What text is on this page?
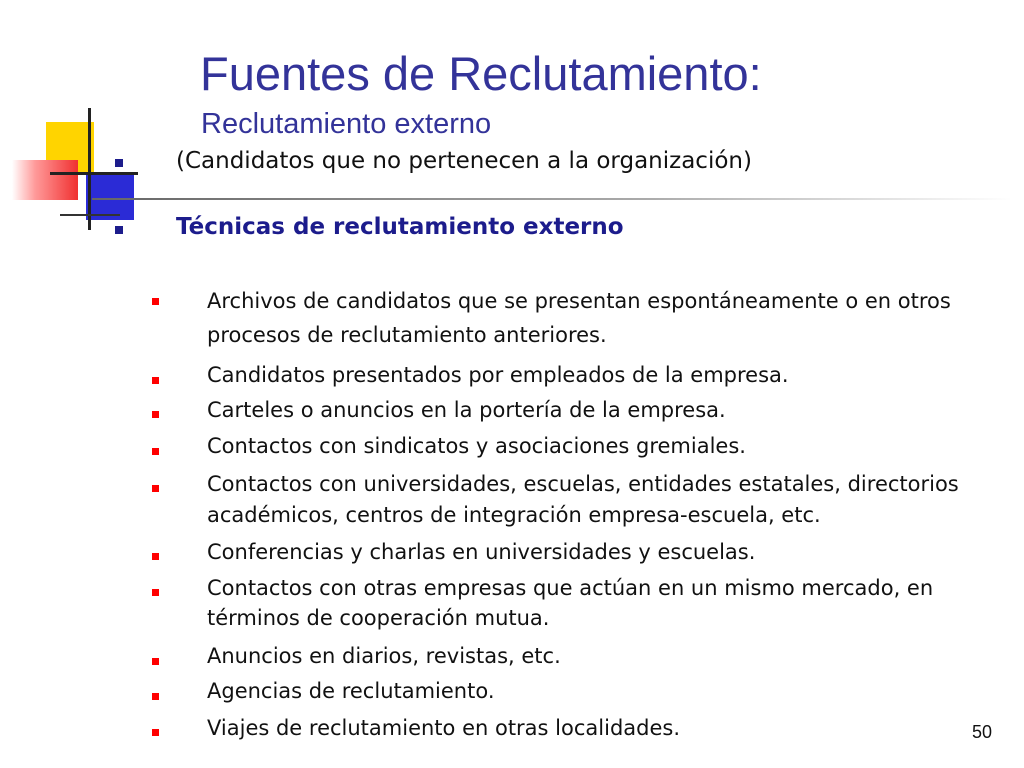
Fuentes de Reclutamiento:
Reclutamiento externo
(Candidatos que no pertenecen a la organización)
Técnicas de reclutamiento externo
Archivos de candidatos que se presentan espontáneamente o en otros
procesos de reclutamiento anteriores.
Candidatos presentados por empleados de la empresa.
Carteles o anuncios en la portería de la empresa.
Contactos con sindicatos y asociaciones gremiales.
Contactos con universidades, escuelas, entidades estatales, directorios
académicos, centros de integración empresa-escuela, etc.
Conferencias y charlas en universidades y escuelas.
Contactos con otras empresas que actúan en un mismo mercado, en
términos de cooperación mutua.
Anuncios en diarios, revistas, etc.
Agencias de reclutamiento.
Viajes de reclutamiento en otras localidades.	50
